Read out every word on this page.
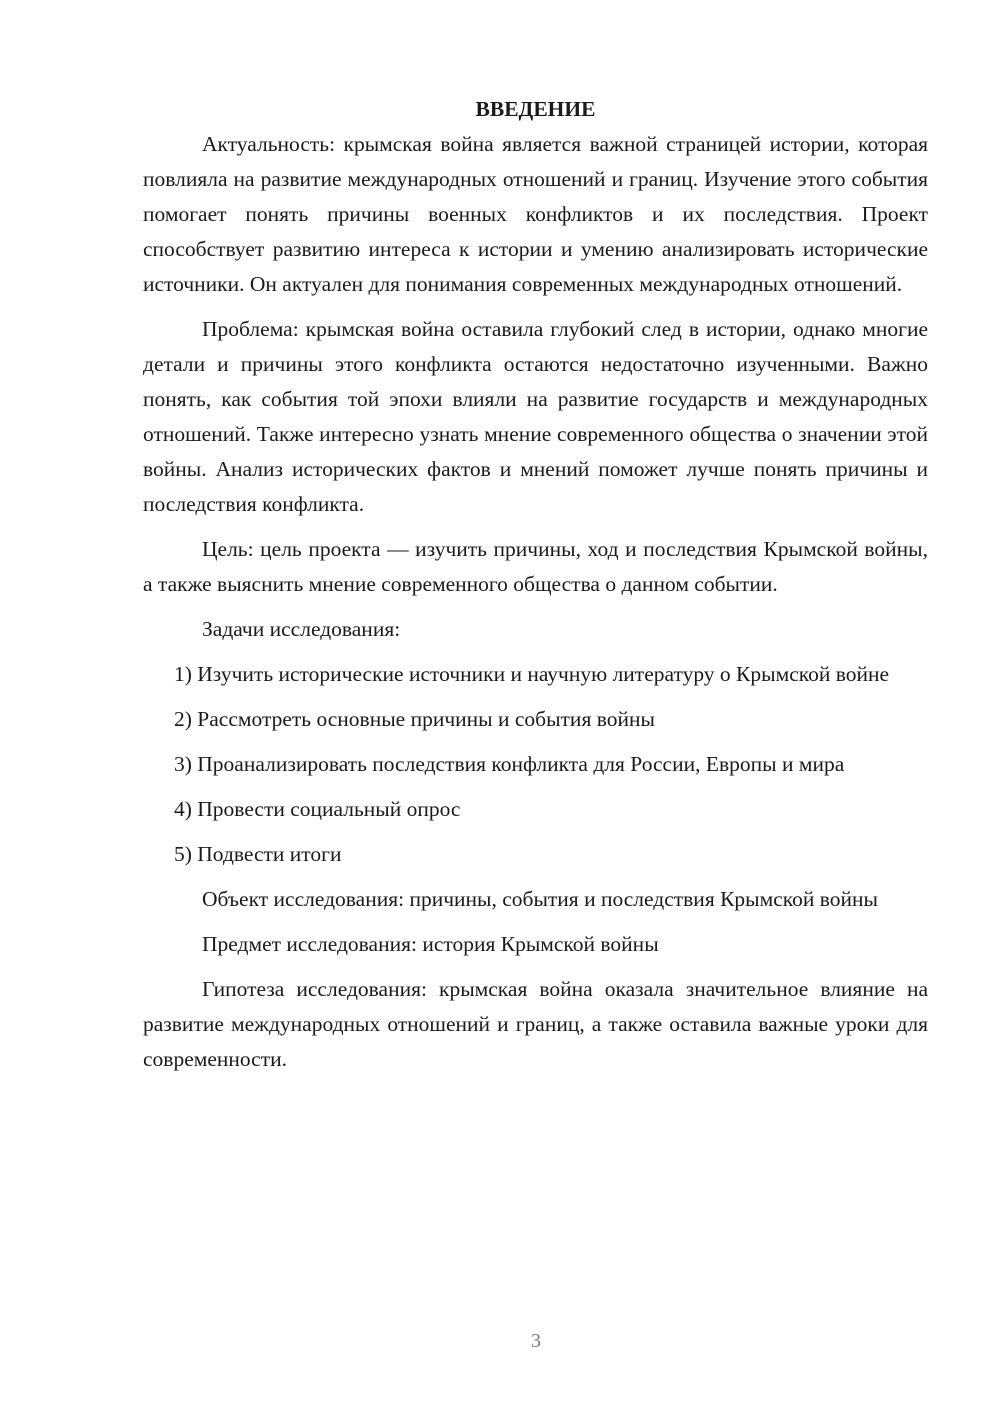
ВВЕДЕНИЕ

Актуальность: крымская война является важной страницей истории, которая повлияла на развитие международных отношений и границ. Изучение этого события помогает понять причины военных конфликтов и их последствия. Проект способствует развитию интереса к истории и умению анализировать исторические источники. Он актуален для понимания современных международных отношений.

Проблема: крымская война оставила глубокий след в истории, однако многие детали и причины этого конфликта остаются недостаточно изученными. Важно понять, как события той эпохи влияли на развитие государств и международных отношений. Также интересно узнать мнение современного общества о значении этой войны. Анализ исторических фактов и мнений поможет лучше понять причины и последствия конфликта.

Цель: цель проекта — изучить причины, ход и последствия Крымской войны, а также выяснить мнение современного общества о данном событии.

Задачи исследования:

1) Изучить исторические источники и научную литературу о Крымской войне

2) Рассмотреть основные причины и события войны

3) Проанализировать последствия конфликта для России, Европы и мира

4) Провести социальный опрос

5) Подвести итоги

Объект исследования: причины, события и последствия Крымской войны

Предмет исследования: история Крымской войны

Гипотеза исследования: крымская война оказала значительное влияние на развитие международных отношений и границ, а также оставила важные уроки для современности.

3
